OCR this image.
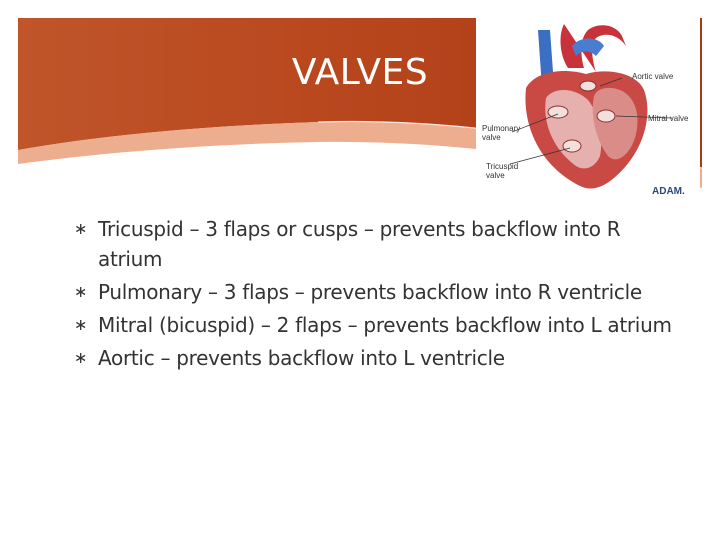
VALVES	Aortic valve
Mitral valve
Pulmonary
valve
Tricuspid
valve
ADAM.
∗ Tricuspid – 3 flaps or cusps – prevents backflow into R atrium
∗ Pulmonary – 3 flaps – prevents backflow into R ventricle
∗ Mitral (bicuspid) – 2 flaps – prevents backflow into L atrium
∗ Aortic – prevents backflow into L ventricle
